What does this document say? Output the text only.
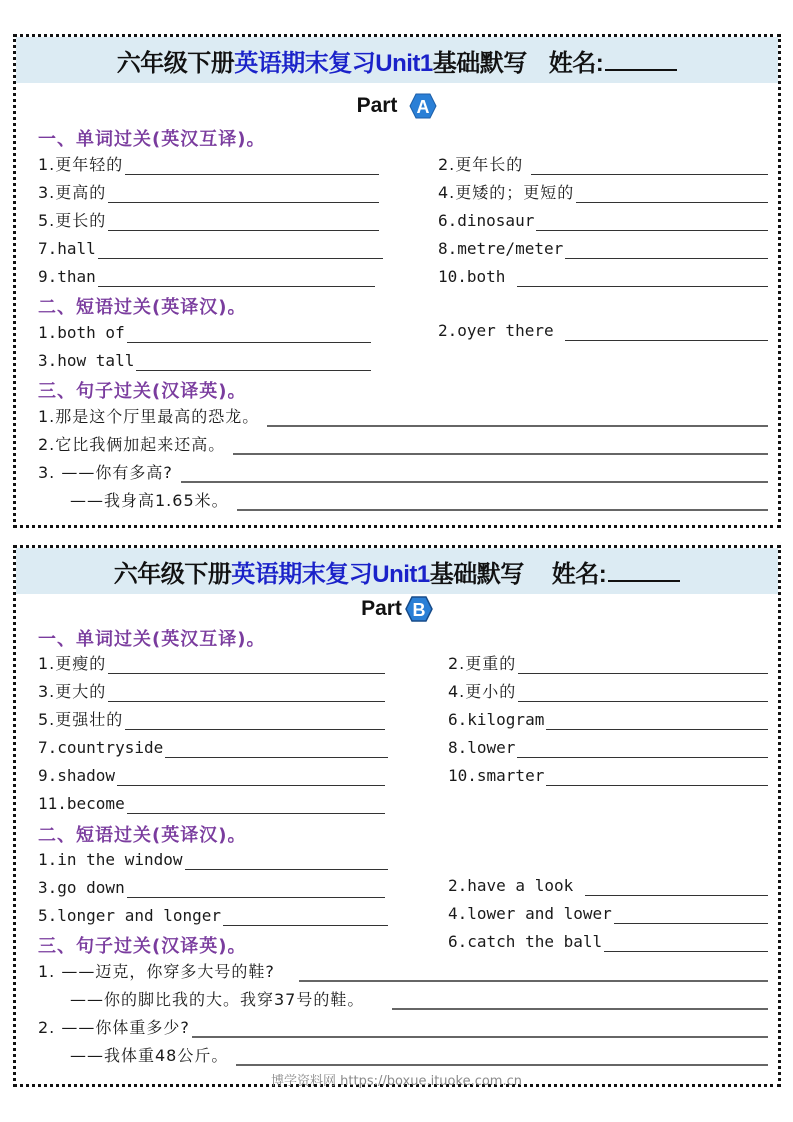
六年级下册 英语期末复习Unit1 基础默写 姓名:
Part A
一、单词过关(英汉互译)。
1.更年轻的	2.更年长的
3.更高的	4.更矮的；更短的
5.更长的	6.dinosaur
7.hall	8.metre/meter
9.than	10.both
二、短语过关(英译汉)。
1.both of	2.oyer there
3.how tall
三、句子过关(汉译英)。
1.那是这个厅里最高的恐龙。
2.它比我俩加起来还高。
3. ——你有多高?
——我身高1.65米。
六年级下册 英语期末复习Unit1 基础默写 姓名:
Part B
一、单词过关(英汉互译)。
1.更瘦的	2.更重的
3.更大的	4.更小的
5.更强壮的	6.kilogram
7.countryside	8.lower
9.shadow	10.smarter
11.become
二、短语过关(英译汉)。
1.in the window
3.go down	2.have a look
5.longer and longer	4.lower and lower
三、句子过关(汉译英)。	6.catch the ball
1. ——迈克，你穿多大号的鞋?
——你的脚比我的大。我穿37号的鞋。
2. ——你体重多少?
——我体重48公斤。
博学资料网 https://boxue.ituoke.com.cn
